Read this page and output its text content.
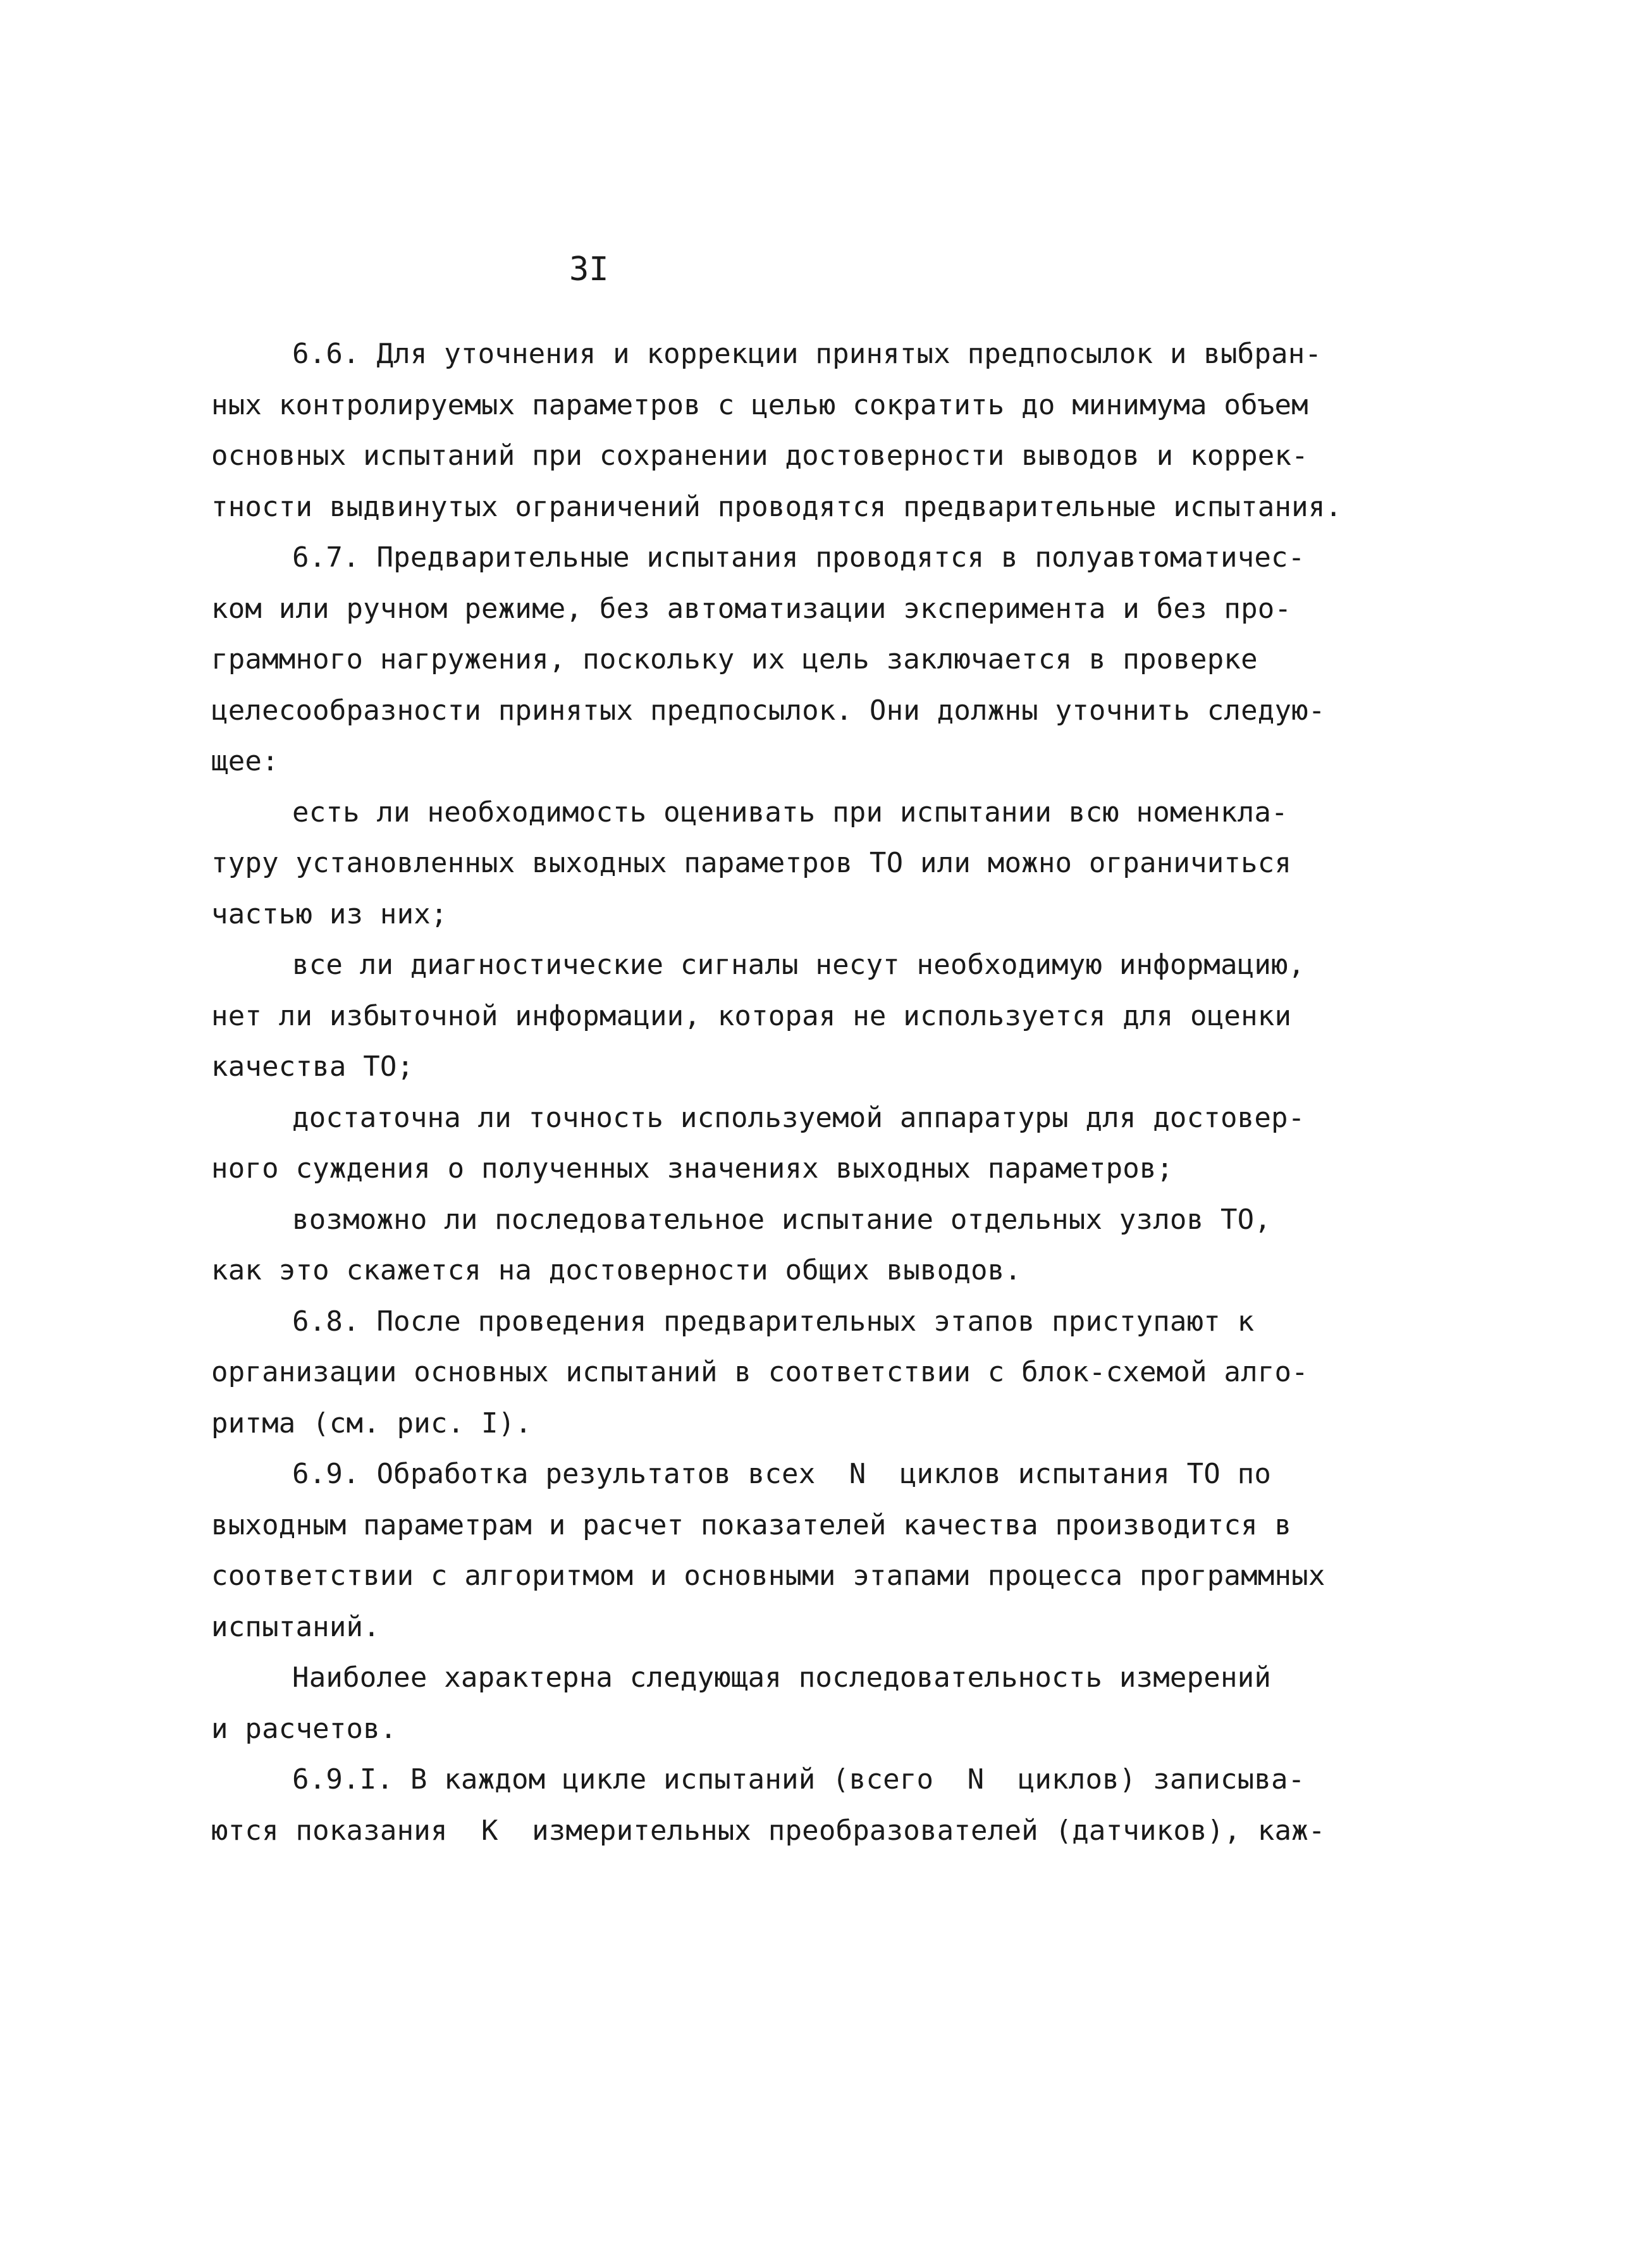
3I
6.6. Для уточнения и коррекции принятых предпосылок и выбран-
ных контролируемых параметров с целью сократить до минимума объем
основных испытаний при сохранении достоверности выводов и коррек-
тности выдвинутых ограничений проводятся предварительные испытания.
6.7. Предварительные испытания проводятся в полуавтоматичес-
ком или ручном режиме, без автоматизации эксперимента и без про-
граммного нагружения, поскольку их цель заключается в проверке
целесообразности принятых предпосылок. Они должны уточнить следую-
щее:
есть ли необходимость оценивать при испытании всю номенкла-
туру установленных выходных параметров ТО или можно ограничиться
частью из них;
все ли диагностические сигналы несут необходимую информацию,
нет ли избыточной информации, которая не используется для оценки
качества ТО;
достаточна ли точность используемой аппаратуры для достовер-
ного суждения о полученных значениях выходных параметров;
возможно ли последовательное испытание отдельных узлов ТО,
как это скажется на достоверности общих выводов.
6.8. После проведения предварительных этапов приступают к
организации основных испытаний в соответствии с блок-схемой алго-
ритма (см. рис. I).
6.9. Обработка результатов всех  N  циклов испытания ТО по
выходным параметрам и расчет показателей качества производится в
соответствии с алгоритмом и основными этапами процесса программных
испытаний.
Наиболее характерна следующая последовательность измерений
и расчетов.
6.9.I. В каждом цикле испытаний (всего  N  циклов) записыва-
ются показания  К  измерительных преобразователей (датчиков), каж-
